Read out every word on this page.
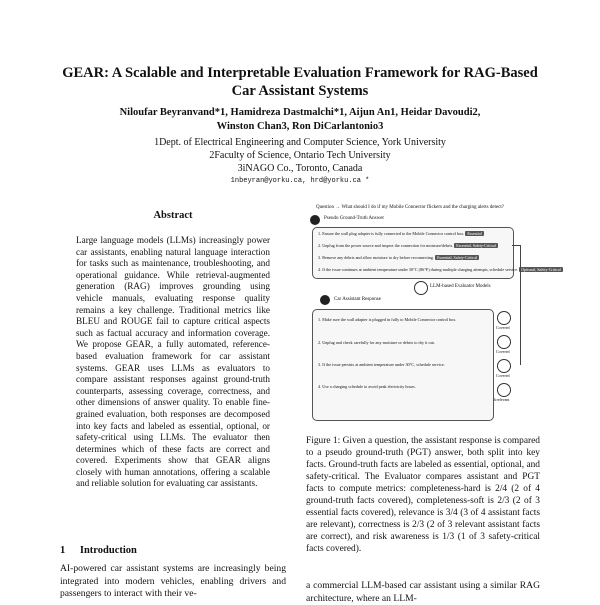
GEAR: A Scalable and Interpretable Evaluation Framework for RAG-Based Car Assistant Systems
Niloufar Beyranvand*1, Hamidreza Dastmalchi*1, Aijun An1, Heidar Davoudi2,
Winston Chan3, Ron DiCarlantonio3
1Dept. of Electrical Engineering and Computer Science, York University
2Faculty of Science, Ontario Tech University
3iNAGO Co., Toronto, Canada
1nbeyran@yorku.ca, hrd@yorku.ca *
Abstract
Large language models (LLMs) increasingly power car assistants, enabling natural language interaction for tasks such as maintenance, troubleshooting, and operational guidance. While retrieval-augmented generation (RAG) improves grounding using vehicle manuals, evaluating response quality remains a key challenge. Traditional metrics like BLEU and ROUGE fail to capture critical aspects such as factual accuracy and information coverage. We propose GEAR, a fully automated, reference-based evaluation framework for car assistant systems. GEAR uses LLMs as evaluators to compare assistant responses against ground-truth counterparts, assessing coverage, correctness, and other dimensions of answer quality. To enable fine-grained evaluation, both responses are decomposed into key facts and labeled as essential, optional, or safety-critical using LLMs. The evaluator then determines which of these facts are correct and covered. Experiments show that GEAR aligns closely with human annotations, offering a scalable and reliable solution for evaluating car assistants.
1 Introduction
AI-powered car assistant systems are increasingly being integrated into modern vehicles, enabling drivers and passengers to interact with their ve-
Question → What should I do if my Mobile Connector flickers and the charging alerts detect?
Pseudo Ground-Truth Answer
1. Ensure the wall plug adapter is fully connected to the Mobile Connector control box. Essential
2. Unplug from the power source and inspect the connection for moisture/debris. Essential, Safety-Critical
3. Remove any debris and allow moisture to dry before reconnecting. Essential, Safety-Critical
4. If the issue continues at ambient temperature under 30°C (86°F) during multiple charging attempts, schedule service. Optional, Safety-Critical
LLM-based Evaluator Models
Car Assistant Response
1. Make sure the wall adapter is plugged in fully to Mobile Connector control box.
2. Unplug and check carefully for any moisture or debris to dry it out.
3. If the issue persists at ambient temperature under 30°C, schedule service.
4. Use a charging schedule to avoid peak electricity hours.
Covered
Covered
Covered
Irrelevant
Figure 1: Given a question, the assistant response is compared to a pseudo ground-truth (PGT) answer, both split into key facts. Ground-truth facts are labeled as essential, optional, and safety-critical. The Evaluator compares assistant and PGT facts to compute metrics: completeness-hard is 2/4 (2 of 4 ground-truth facts covered), completeness-soft is 2/3 (2 of 3 essential facts covered), relevance is 3/4 (3 of 4 assistant facts are relevant), correctness is 2/3 (2 of 3 relevant assistant facts are correct), and risk awareness is 1/3 (1 of 3 safety-critical facts covered).
a commercial LLM-based car assistant using a similar RAG architecture, where an LLM-
